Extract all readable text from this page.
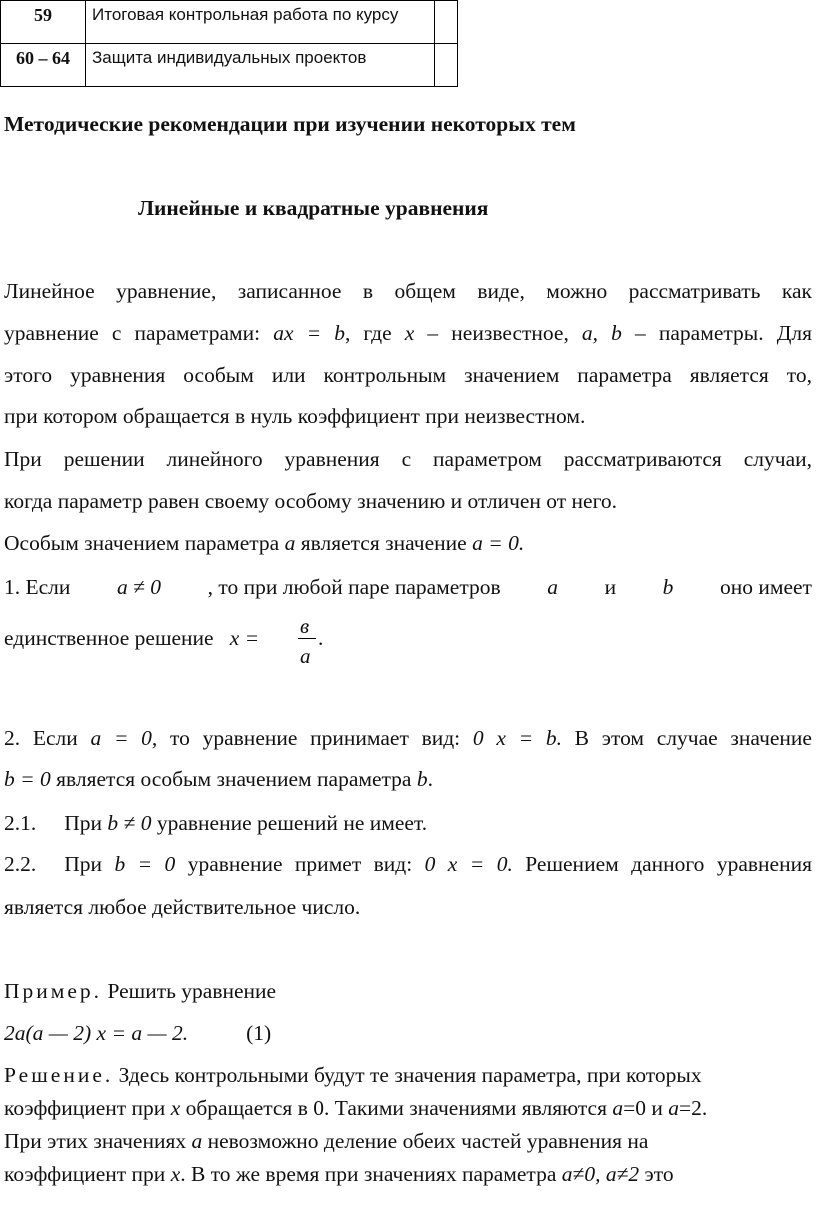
59	Итоговая контрольная работа по курсу	
60 – 64	Защита индивидуальных проектов	
Методические рекомендации при изучении некоторых тем
Линейные и квадратные уравнения
Линейное уравнение, записанное в общем виде, можно рассматривать как
уравнение с параметрами: ax = b, где x – неизвестное, a, b – параметры. Для
этого уравнения особым или контрольным значением параметра является то,
при котором обращается в нуль коэффициент при неизвестном.
При решении линейного уравнения с параметром рассматриваются случаи,
когда параметр равен своему особому значению и отличен от него.
Особым значением параметра a является значение a = 0.
1. Если a ≠ 0 , то при любой паре параметров a и b оно имеет
единственное решение x = в
a
.
2. Если a = 0, то уравнение принимает вид: 0 x = b. В этом случае значение
b = 0 является особым значением параметра b.
2.1. При b ≠ 0 уравнение решений не имеет.
2.2. При b = 0 уравнение примет вид: 0 x = 0. Решением данного уравнения
является любое действительное число.
Пример. Решить уравнение
2a(a — 2) x = a — 2.	(1)
Решение. Здесь контрольными будут те значения параметра, при которых
коэффициент при x обращается в 0. Такими значениями являются a=0 и a=2.
При этих значениях a невозможно деление обеих частей уравнения на
коэффициент при x. В то же время при значениях параметра a≠0, a≠2 это
